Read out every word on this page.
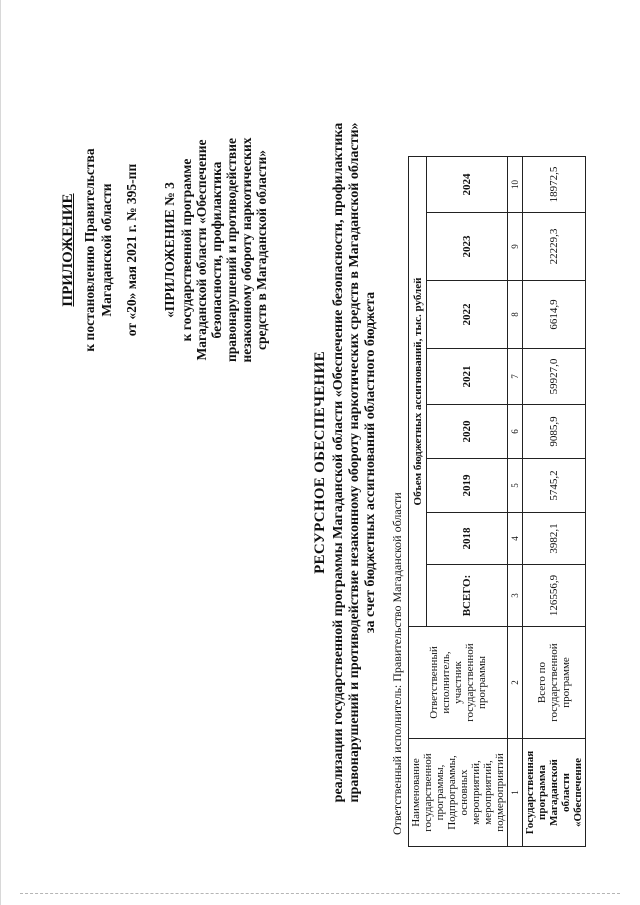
ПРИЛОЖЕНИЕ к постановлению Правительства Магаданской области от «20» мая 2021 г. № 395-пп «ПРИЛОЖЕНИЕ № 3 к государственной программе Магаданской области «Обеспечение безопасности, профилактика правонарушений и противодействие незаконному обороту наркотических средств в Магаданской области»
РЕСУРСНОЕ ОБЕСПЕЧЕНИЕ реализации государственной программы Магаданской области «Обеспечение безопасности, профилактика правонарушений и противодействие незаконному обороту наркотических средств в Магаданской области» за счет бюджетных ассигнований областного бюджета
Ответственный исполнитель: Правительство Магаданской области Наименование государственной программы, Подпрограммы, основных мероприятий, мероприятий, подмероприятий	Ответственный исполнитель, участник государственной программы	Объем бюджетных ассигнований, тыс. рублей							
		ВСЕГО:	2018	2019	2020	2021	2022	2023	2024
1	2	3	4	5	6	7	8	9	10
Государственная программа Магаданской области «Обеспечение	Всего по государственной программе	126556,9	3982,1	5745,2	9085,9	59927,0	6614,9	22229,3	18972,5
